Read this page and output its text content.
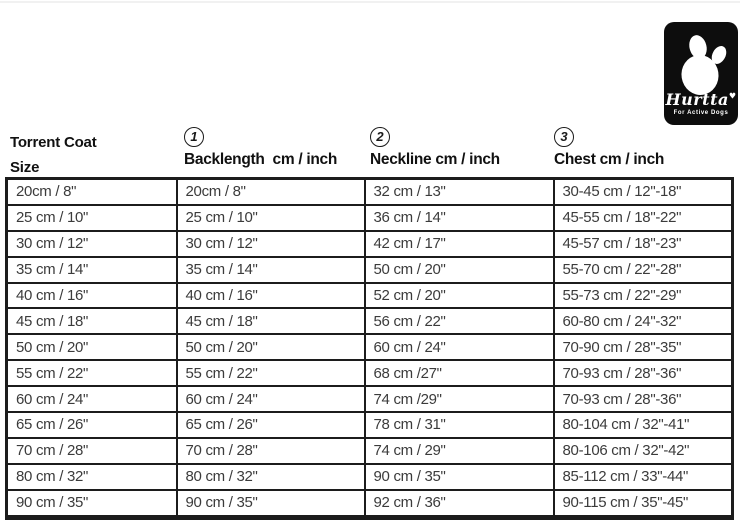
Hurtta♥
For Active Dogs
Torrent Coat
Size
1
Backlength  cm / inch
2
Neckline cm / inch
3
Chest cm / inch
20cm / 8"	20cm / 8"	32 cm / 13"	30-45 cm / 12"-18"
25 cm / 10"	25 cm / 10"	36 cm / 14"	45-55 cm / 18"-22"
30 cm / 12"	30 cm / 12"	42 cm / 17"	45-57 cm / 18"-23"
35 cm / 14"	35 cm / 14"	50 cm / 20"	55-70 cm / 22"-28"
40 cm / 16"	40 cm / 16"	52 cm / 20"	55-73 cm / 22"-29"
45 cm / 18"	45 cm / 18"	56 cm / 22"	60-80 cm / 24"-32"
50 cm / 20"	50 cm / 20"	60 cm / 24"	70-90 cm / 28"-35"
55 cm / 22"	55 cm / 22"	68 cm /27"	70-93 cm / 28"-36"
60 cm / 24"	60 cm / 24"	74 cm /29"	70-93 cm / 28"-36"
65 cm / 26"	65 cm / 26"	78 cm / 31"	80-104 cm / 32"-41"
70 cm / 28"	70 cm / 28"	74 cm / 29"	80-106 cm / 32"-42"
80 cm / 32"	80 cm / 32"	90 cm / 35"	85-112 cm / 33"-44"
90 cm / 35"	90 cm / 35"	92 cm / 36"	90-115 cm / 35"-45"
